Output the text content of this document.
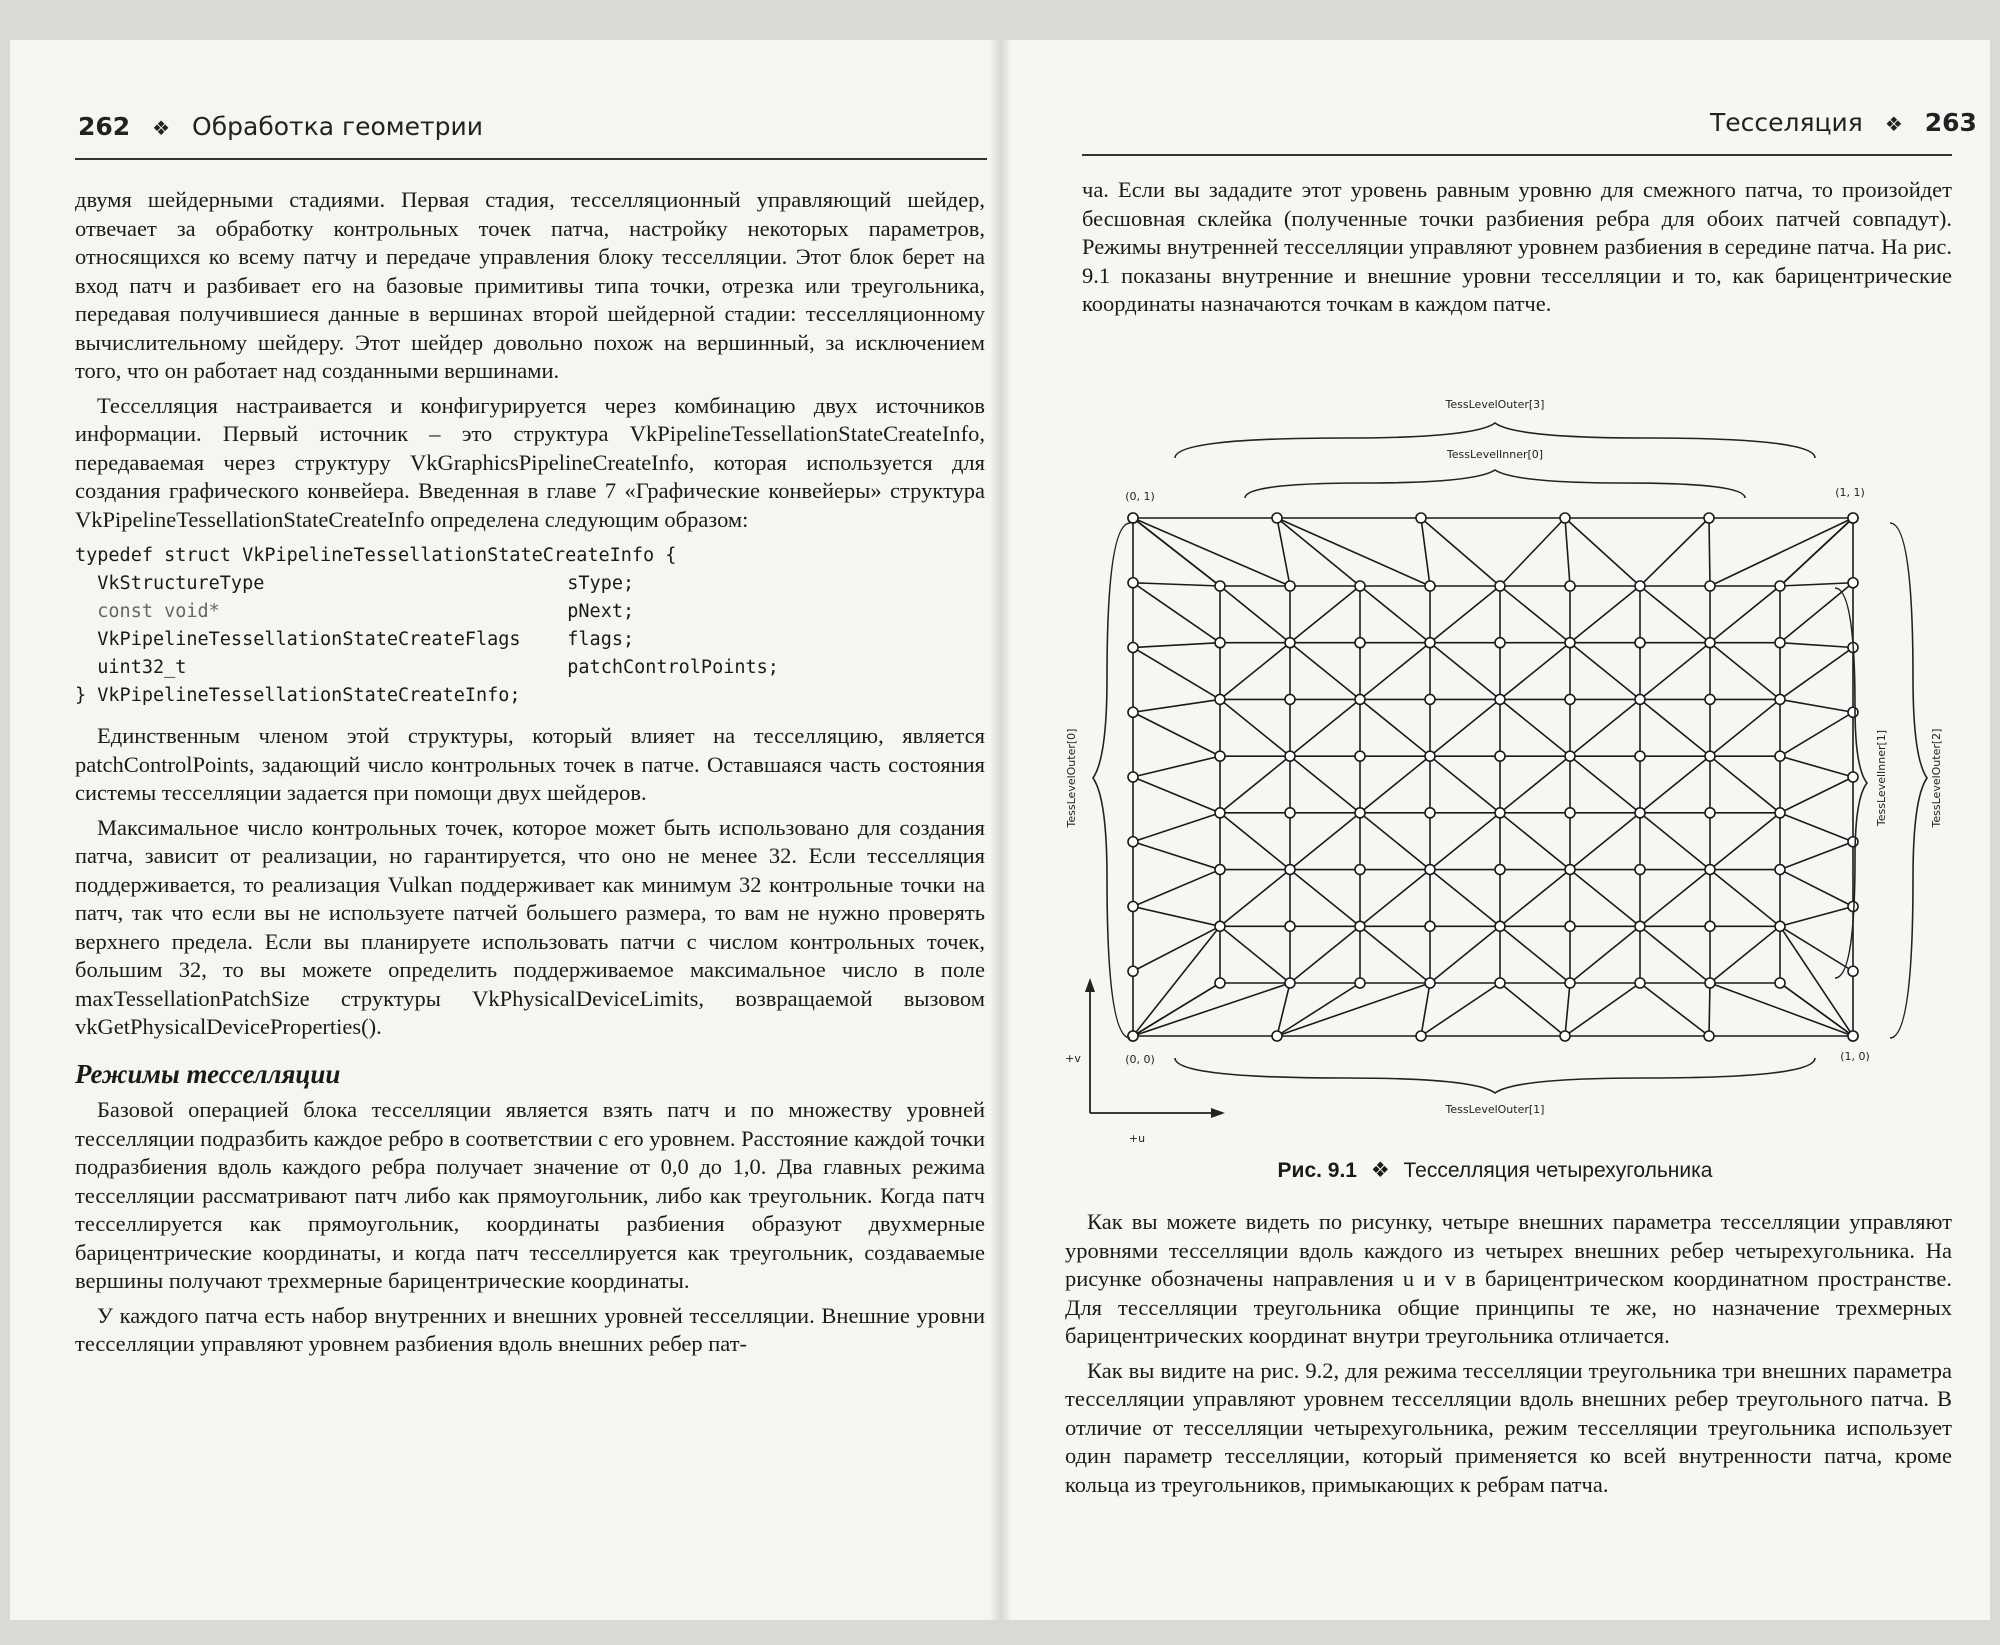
262 ❖ Обработка геометрии	Тесселяция ❖ 263

двумя шейдерными стадиями. Первая стадия, тесселляционный управляющий шейдер, отвечает за обработку контрольных точек патча, настройку некоторых параметров, относящихся ко всему патчу и передаче управления блоку тесселляции. Этот блок берет на вход патч и разбивает его на базовые примитивы типа точки, отрезка или треугольника, передавая получившиеся данные в вершинах второй шейдерной стадии: тесселляционному вычислительному шейдеру. Этот шейдер довольно похож на вершинный, за исключением того, что он работает над созданными вершинами.

Тесселляция настраивается и конфигурируется через комбинацию двух источников информации. Первый источник – это структура VkPipelineTessellationStateCreateInfo, передаваемая через структуру VkGraphicsPipelineCreateInfo, которая используется для создания графического конвейера. Введенная в главе 7 «Графические конвейеры» структура VkPipelineTessellationStateCreateInfo определена следующим образом:

typedef struct VkPipelineTessellationStateCreateInfo {
VkStructureType	sType;
const void*	pNext;
VkPipelineTessellationStateCreateFlags	flags;
uint32_t	patchControlPoints;
} VkPipelineTessellationStateCreateInfo;

Единственным членом этой структуры, который влияет на тесселляцию, является patchControlPoints, задающий число контрольных точек в патче. Оставшаяся часть состояния системы тесселляции задается при помощи двух шейдеров.

Максимальное число контрольных точек, которое может быть использовано для создания патча, зависит от реализации, но гарантируется, что оно не менее 32. Если тесселляция поддерживается, то реализация Vulkan поддерживает как минимум 32 контрольные точки на патч, так что если вы не используете патчей большего размера, то вам не нужно проверять верхнего предела. Если вы планируете использовать патчи с числом контрольных точек, большим 32, то вы можете определить поддерживаемое максимальное число в поле maxTessellationPatchSize структуры VkPhysicalDeviceLimits, возвращаемой вызовом vkGetPhysicalDeviceProperties().

Режимы тесселляции

Базовой операцией блока тесселляции является взять патч и по множеству уровней тесселляции подразбить каждое ребро в соответствии с его уровнем. Расстояние каждой точки подразбиения вдоль каждого ребра получает значение от 0,0 до 1,0. Два главных режима тесселляции рассматривают патч либо как прямоугольник, либо как треугольник. Когда патч тесселлируется как прямоугольник, координаты разбиения образуют двухмерные барицентрические координаты, и когда патч тесселлируется как треугольник, создаваемые вершины получают трехмерные барицентрические координаты.

У каждого патча есть набор внутренних и внешних уровней тесселляции. Внешние уровни тесселляции управляют уровнем разбиения вдоль внешних ребер пат-

ча. Если вы зададите этот уровень равным уровню для смежного патча, то произойдет бесшовная склейка (полученные точки разбиения ребра для обоих патчей совпадут). Режимы внутренней тесселляции управляют уровнем разбиения в середине патча. На рис. 9.1 показаны внутренние и внешние уровни тесселляции и то, как барицентрические координаты назначаются точкам в каждом патче.

TessLevelOuter[3]
TessLevelInner[0]
TessLevelOuter[1]
(0, 1)	(1, 1)
(0, 0)	(1, 0)
+v
+u
TessLevelOuter[0]	TessLevelInner[1]	TessLevelOuter[2]
Рис. 9.1 ❖ Тесселляция четырехугольника

Как вы можете видеть по рисунку, четыре внешних параметра тесселляции управляют уровнями тесселляции вдоль каждого из четырех внешних ребер четырехугольника. На рисунке обозначены направления u и v в барицентрическом координатном пространстве. Для тесселляции треугольника общие принципы те же, но назначение трехмерных барицентрических координат внутри треугольника отличается.

Как вы видите на рис. 9.2, для режима тесселляции треугольника три внешних параметра тесселляции управляют уровнем тесселляции вдоль внешних ребер треугольного патча. В отличие от тесселляции четырехугольника, режим тесселляции треугольника использует один параметр тесселляции, который применяется ко всей внутренности патча, кроме кольца из треугольников, примыкающих к ребрам патча.
